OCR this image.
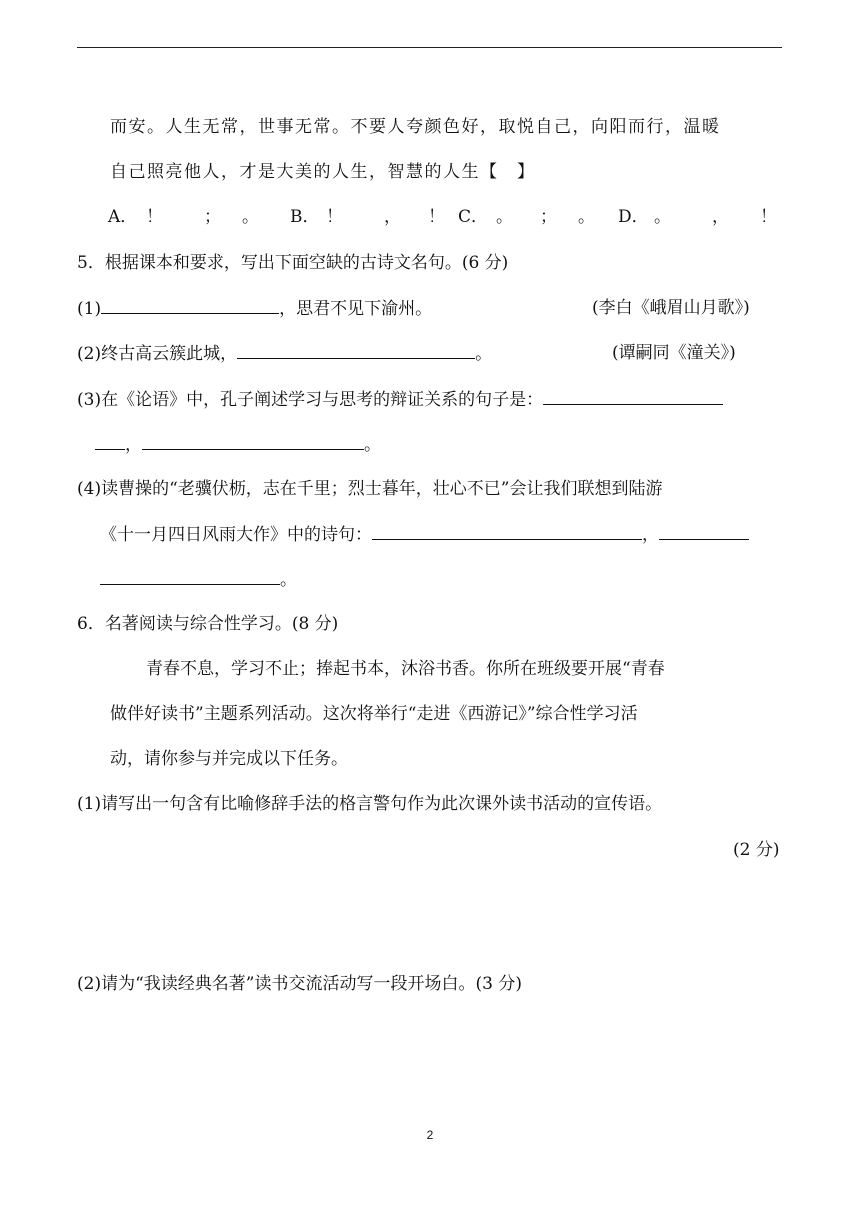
而安。人生无常，世事无常。不要人夸颜色好，取悦自己，向阳而行，温暖
自己照亮他人，才是大美的人生，智慧的人生【　】
A． ！ ； 。 B． ！ ， ！ C． 。 ； 。 D． 。 ， ！
5．根据课本和要求，写出下面空缺的古诗文名句。(6 分)
(1)	，思君不见下渝州。	(李白《峨眉山月歌》)
(2)终古高云簇此城，	。	(谭嗣同《潼关》)
(3)在《论语》中，孔子阐述学习与思考的辩证关系的句子是：
，	。
(4)读曹操的“老骥伏枥，志在千里；烈士暮年，壮心不已”会让我们联想到陆游
《十一月四日风雨大作》中的诗句：	，
。
6．名著阅读与综合性学习。(8 分)
青春不息，学习不止；捧起书本，沐浴书香。你所在班级要开展“青春
做伴好读书”主题系列活动。这次将举行“走进《西游记》”综合性学习活
动，请你参与并完成以下任务。
(1)请写出一句含有比喻修辞手法的格言警句作为此次课外读书活动的宣传语。
(2 分)
(2)请为“我读经典名著”读书交流活动写一段开场白。(3 分)
2
